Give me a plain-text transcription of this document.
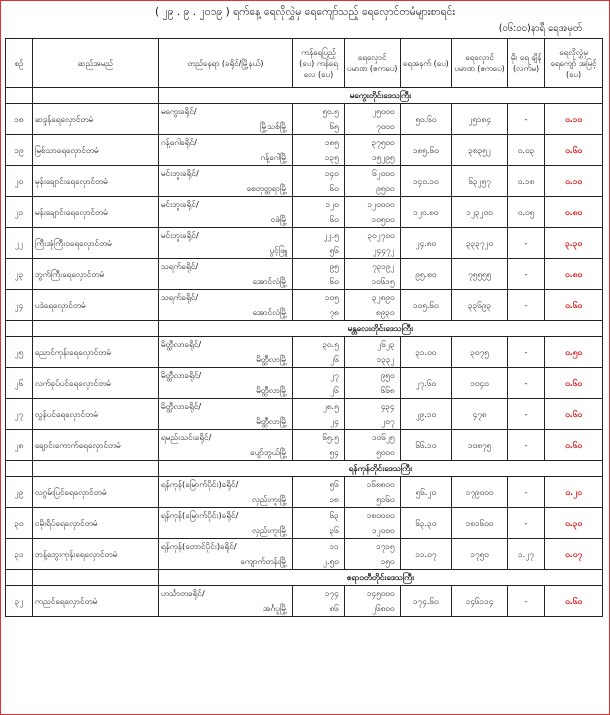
( ၂၉ . ၉ . ၂၀၁၉ ) ရက်နေ့ ရေလိုလွှဲမှ ရေကျော်သည့် ရေလှောင်တမံများစာရင်း
(၀၆:၀၀)နာရီ ရေအမှတ်
စဉ်	ဆည်အမည်	တည်နေရာ (ခရိုင်/မြို့နယ်)	ကန်ရေပြည့် (ပေ) ကန်ရေလေ (ပေ)	ရေလှောင် ပမာဏ (ဧကပေ)	ရေအနက် (ပေ)	ရေလှောင် ပမာဏ (ဧကပေ)	မိုး ရေ ချိန် (လက်မ)	ရေလိုလွှဲမှ ရေကျော် အမြင့် (ပေ)
		မကွေးတိုင်းဒေသကြီး						
၁၈	ဆဒ္ဒန်ရေလှောင်တမံ	မကွေးခရိုင်/	၅၀.၅	၂၅၀၀၀	၅၀.၆၀	၂၅၁၈၄	-	၀.၁၀
		မြို့သစ်မြို့	၆၅	၇၀၀၀				
၁၉	မြစ်သာရေလှောင်တမံ	ဂန့်ဂေါခရိုင်/	၁၈၅	၃၇၅၀၀	၁၈၅.၆၀	၃၈၃၅၂	၀.၀၃	၀.၆၀
		ဂန့်ဂေါမြို့	၁၃၅	၁၅၂၉၅				
၂၀	မုန်းချောင်းရေလှောင်တမံ	မင်းဘူးခရိုင်/	၁၄၀	၆၂၀၀၀	၁၄၀.၁၀	၆၃၂၅၇	၀.၁၈	၀.၁၀
		စေတုတ္တရာမြို့	၆၀	၉၅၀၀				
၂၁	မန်းချောင်းရေလှောင်တမံ	မင်းဘူးခရိုင်/	၁၂၀	၁၂၀၀၀၀	၁၂၀.၈၀	၁၂၃၂၀၀	၀.၀၅	၀.၈၀
		ငဖဲမြို့	၆၀	၁၀၅၀၀				
၂၂	ကြီးအုံကြီးဝရေလှောင်တမံ	မင်းဘူးခရိုင်/	၂၂.၅	၃၀၂၇၀၀	၂၄.၈၀	၃၃၃၇၂၀	-	၃.၃၀
		ပွင့်ဖြူ	၅၆	၂၄၄၇၂				
၂၃	ဘွက်ကြီးရေလှောင်တမံ	သရက်ခရိုင်/	၉၅	၇၃၁၉၂	၉၅.၈၀	၇၅၅၅၅	-	၀.၈၀
		အောင်လံမြို့	၆၀	၁၀၆၁၅				
၂၄	ပဒဲရေလှောင်တမံ	သရက်ခရိုင်/	၁၀၅	၃၂၈၉၀	၁၀၅.၆၀	၃၃၆၉၃	-	၀.၆၀
		အောင်လံမြို့	၇၈	၈၉၃၀				
		မန္တလေးတိုင်းဒေသကြီး						
၂၅	ညောင်ကုန်းရေလှောင်တမံ	မိတ္ထီလာခရိုင်/	၃၀.၅	၂၆၂၃	၃၁.၀၀	၃၀၇၅	-	၀.၅၀
		မိတ္ထီလာမြို့	၂၆	၁၃၃၂				
၂၆	လက်ခုပ်ပင်ရေလှောင်တမံ	မိတ္ထီလာခရိုင်/	၂၇	၉၅၀	၂၇.၆၀	၁၀၄၀	-	၀.၆၀
		မိတ္ထီလာမြို့	၂၆	၆၆၈				
၂၇	လွန်ပင်ရေလှောင်တမံ	မိတ္ထီလာခရိုင်/	၂၈.၅	၄၃၄	၂၉.၁၀	၄၇၈	-	၀.၆၀
		မိတ္ထီလာမြို့	၂၄	၂၀၇				
၂၈	ချောင်းကောက်ရေလှောင်တမံ	ရမည်းသင်းခရိုင်/	၆၅.၅	၁၀၆၂၅	၆၆.၁၀	၁၀၈၇၅	-	၀.၆၀
		ပျော်ဘွယ်မြို့	၅၄	၅၀၀၀				
		ရန်ကုန်တိုင်းဒေသကြီး						
၂၉	လဂွမ်းပြင်ရေလှောင်တမံ	ရန်ကုန်(မြောက်ပိုင်း)ခရိုင်/	၅၆	၁၆၈၈၀၀	၅၆.၂၀	၁၇၉၀၀၀	-	၀.၂၀
		လှည်းကူးမြို့	၁၈	၅၁၆၀				
၃၀	ငမိုးရိပ်ရေလှောင်တမံ	ရန်ကုန်(မြောက်ပိုင်း)ခရိုင်/	၆၃	၁၈၀၀၀၀	၆၃.၃၀	၁၈၁၆၀၀	-	၀.၃၀
		လှည်းကူးမြို့	၃၆	၁၂၀၀၀				
၃၁	ဘန့်ဘွေးကုန်းရေလှောင်တမံ	ရန်ကုန်(တောင်ပိုင်း)ခရိုင်/	၁၁	၁၇၁၅	၁၁.၀၇	၁၇၅၀	၁.၂၇	၀.၀၇
		ကျောက်တန်းမြို့	၂.၅၀	၁၅၀				
		ဧရာဝတီတိုင်းဒေသကြီး						
၃၂	ကညင်ရေလှောင်တမံ	ဟင်္သာတခရိုင်/	၁၇၄	၁၄၅၀၀၀	၁၇၄.၆၀	၁၄၆၁၁၄	-	၀.၆၀
		အင်္ဂပူမြို့	၈၆	၂၆၈၀၀				
